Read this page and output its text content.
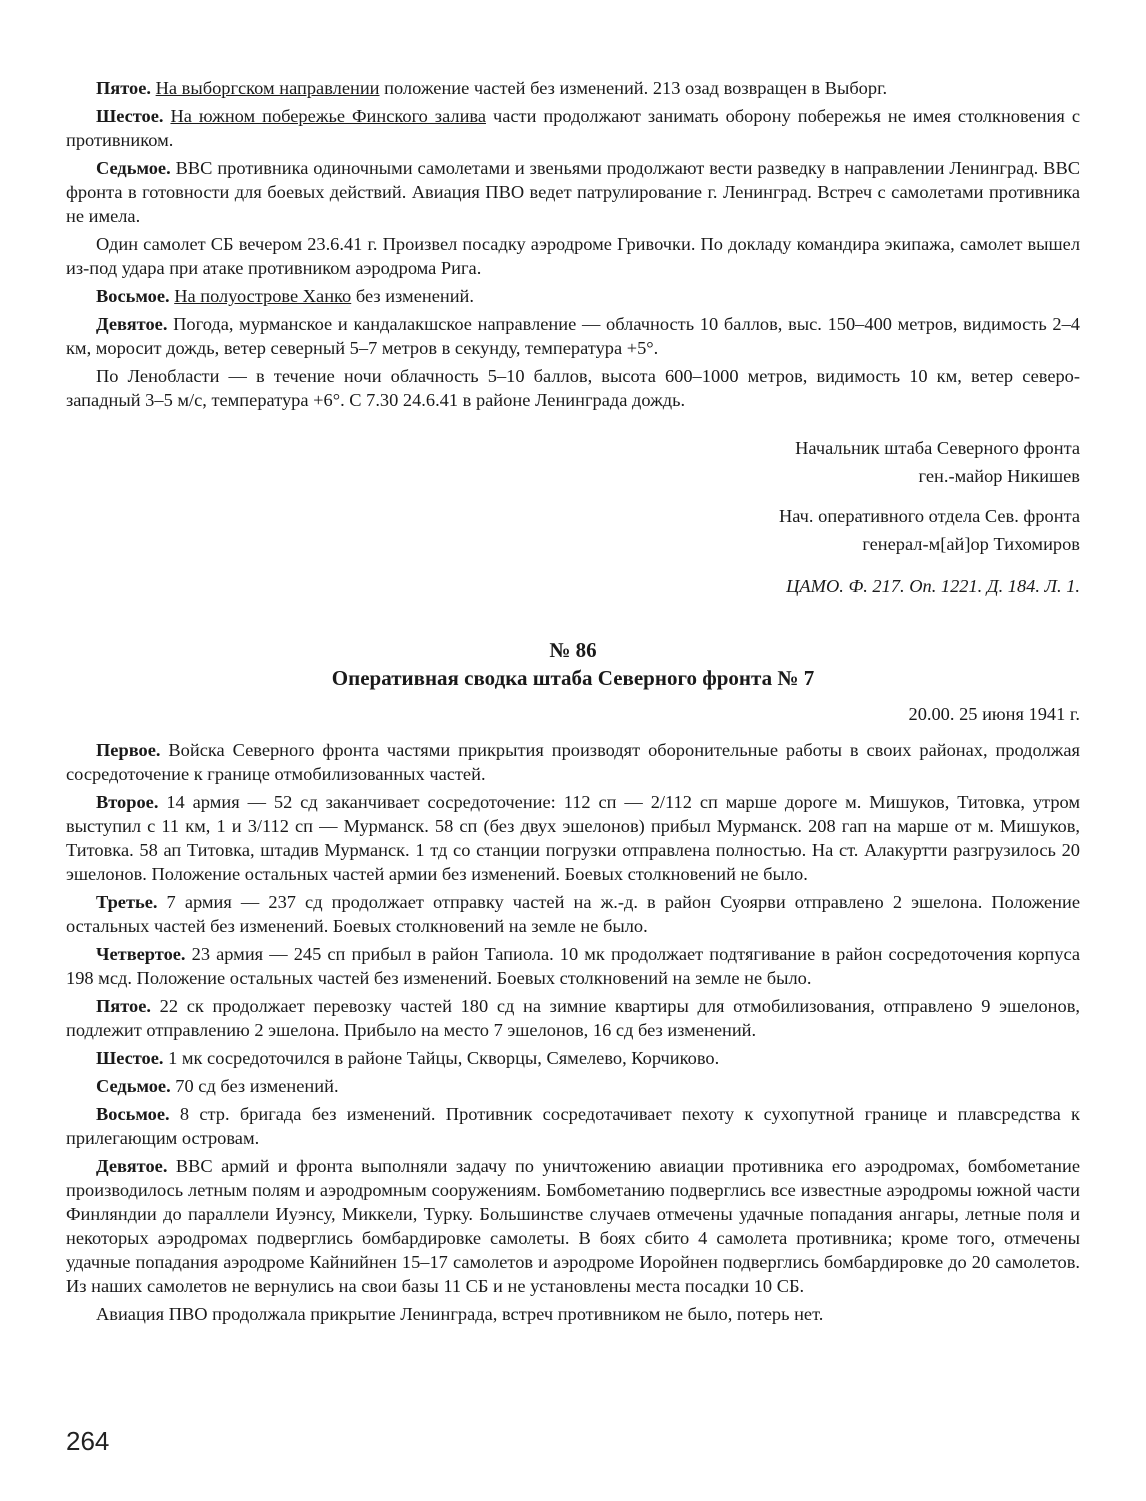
Пятое. На выборгском направлении положение частей без изменений. 213 озад возвращен в Выборг.

Шестое. На южном побережье Финского залива части продолжают занимать оборону побережья не имея столкновения с противником.

Седьмое. ВВС противника одиночными самолетами и звеньями продолжают вести разведку в направлении Ленинград. ВВС фронта в готовности для боевых действий. Авиация ПВО ведет патрулирование г. Ленинград. Встреч с самолетами противника не имела.

Один самолет СБ вечером 23.6.41 г. Произвел посадку аэродроме Гривочки. По докладу командира экипажа, самолет вышел из-под удара при атаке противником аэродрома Рига.

Восьмое. На полуострове Ханко без изменений.

Девятое. Погода, мурманское и кандалакшское направление — облачность 10 баллов, выс. 150–400 метров, видимость 2–4 км, моросит дождь, ветер северный 5–7 метров в секунду, температура +5°.

По Ленобласти — в течение ночи облачность 5–10 баллов, высота 600–1000 метров, видимость 10 км, ветер северо-западный 3–5 м/с, температура +6°. С 7.30 24.6.41 в районе Ленинграда дождь.

Начальник штаба Северного фронта

ген.-майор Никишев

Нач. оперативного отдела Сев. фронта

генерал-м[ай]ор Тихомиров

ЦАМО. Ф. 217. Оп. 1221. Д. 184. Л. 1.

№ 86
Оперативная сводка штаба Северного фронта № 7

20.00. 25 июня 1941 г.

Первое. Войска Северного фронта частями прикрытия производят оборонительные работы в своих районах, продолжая сосредоточение к границе отмобилизованных частей.

Второе. 14 армия — 52 сд заканчивает сосредоточение: 112 сп — 2/112 сп марше дороге м. Мишуков, Титовка, утром выступил с 11 км, 1 и 3/112 сп — Мурманск. 58 сп (без двух эшелонов) прибыл Мурманск. 208 гап на марше от м. Мишуков, Титовка. 58 ап Титовка, штадив Мурманск. 1 тд со станции погрузки отправлена полностью. На ст. Алакуртти разгрузилось 20 эшелонов. Положение остальных частей армии без изменений. Боевых столкновений не было.

Третье. 7 армия — 237 сд продолжает отправку частей на ж.-д. в район Суоярви отправлено 2 эшелона. Положение остальных частей без изменений. Боевых столкновений на земле не было.

Четвертое. 23 армия — 245 сп прибыл в район Тапиола. 10 мк продолжает подтягивание в район сосредоточения корпуса 198 мсд. Положение остальных частей без изменений. Боевых столкновений на земле не было.

Пятое. 22 ск продолжает перевозку частей 180 сд на зимние квартиры для отмобилизования, отправлено 9 эшелонов, подлежит отправлению 2 эшелона. Прибыло на место 7 эшелонов, 16 сд без изменений.

Шестое. 1 мк сосредоточился в районе Тайцы, Скворцы, Сямелево, Корчиково.

Седьмое. 70 сд без изменений.

Восьмое. 8 стр. бригада без изменений. Противник сосредотачивает пехоту к сухопутной границе и плавсредства к прилегающим островам.

Девятое. ВВС армий и фронта выполняли задачу по уничтожению авиации противника его аэродромах, бомбометание производилось летным полям и аэродромным сооружениям. Бомбометанию подверглись все известные аэродромы южной части Финляндии до параллели Иуэнсу, Миккели, Турку. Большинстве случаев отмечены удачные попадания ангары, летные поля и некоторых аэродромах подверглись бомбардировке самолеты. В боях сбито 4 самолета противника; кроме того, отмечены удачные попадания аэродроме Кайнийнен 15–17 самолетов и аэродроме Иоройнен подверглись бомбардировке до 20 самолетов. Из наших самолетов не вернулись на свои базы 11 СБ и не установлены места посадки 10 СБ.

Авиация ПВО продолжала прикрытие Ленинграда, встреч противником не было, потерь нет.

264
